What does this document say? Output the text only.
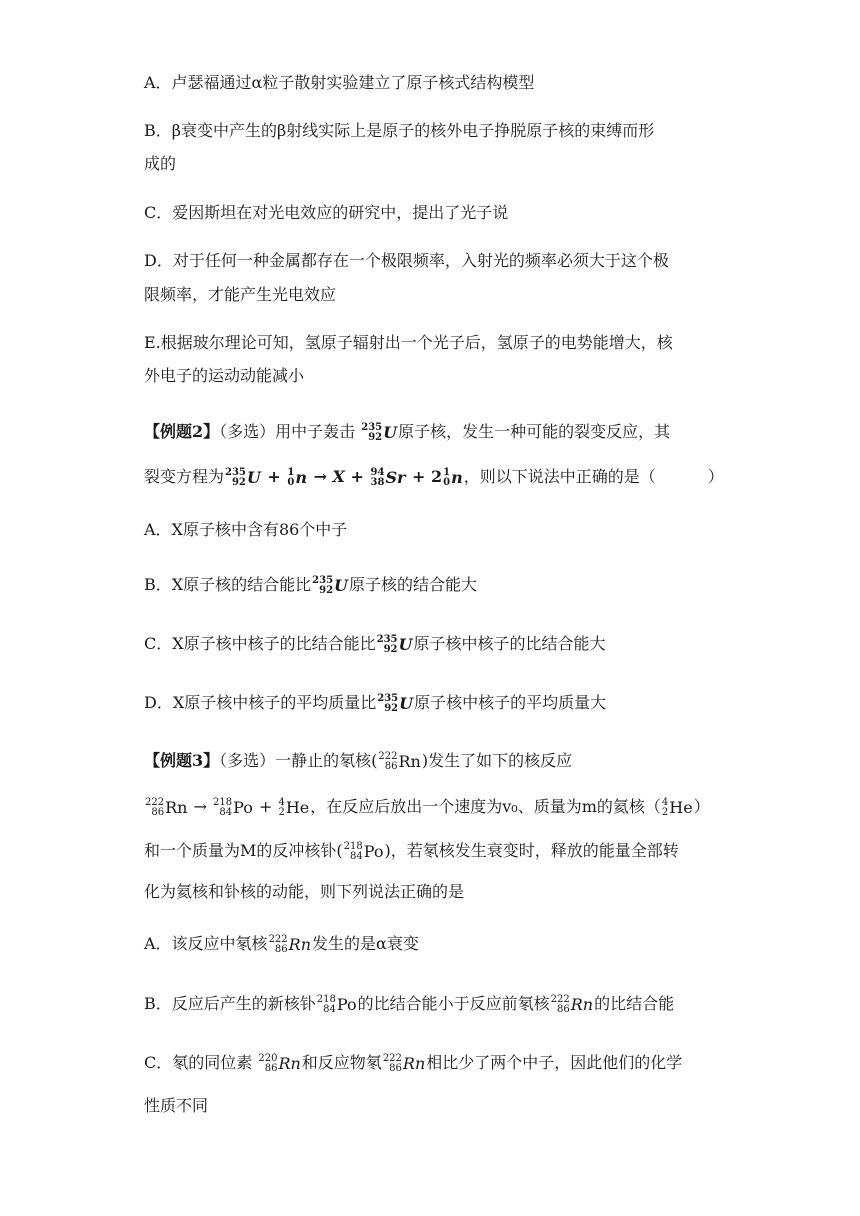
A．卢瑟福通过α粒子散射实验建立了原子核式结构模型
B．β衰变中产生的β射线实际上是原子的核外电子挣脱原子核的束缚而形
成的
C．爱因斯坦在对光电效应的研究中，提出了光子说
D．对于任何一种金属都存在一个极限频率，入射光的频率必须大于这个极
限频率，才能产生光电效应
E.根据玻尔理论可知，氢原子辐射出一个光子后，氢原子的电势能增大，核
外电子的运动动能减小
【例题2】（多选）用中子轰击 235
92 U 原子核，发生一种可能的裂变反应，其
裂变方程为 235
92 U + 1
0 n → X + 94
38 Sr + 2 1
0 n ，则以下说法中正确的是（	）
A．X原子核中含有86个中子
B．X原子核的结合能比 235
92 U 原子核的结合能大
C．X原子核中核子的比结合能比 235
92 U 原子核中核子的比结合能大
D．X原子核中核子的平均质量比 235
92 U 原子核中核子的平均质量大
【例题3】（多选）一静止的氡核( 222
86 Rn )发生了如下的核反应
222
86 Rn → 218
84 Po + 4
2 He ，在反应后放出一个速度为v₀、质量为m的氦核（ 4
2 He ）
和一个质量为M的反冲核钋( 218
84 Po )，若氡核发生衰变时，释放的能量全部转
化为氦核和钋核的动能，则下列说法正确的是
A．该反应中氡核 222
86 Rn 发生的是α衰变
B．反应后产生的新核钋 218
84 Po 的比结合能小于反应前氡核 222
86 Rn 的比结合能
C．氡的同位素 220
86 Rn 和反应物氡 222
86 Rn 相比少了两个中子，因此他们的化学
性质不同
